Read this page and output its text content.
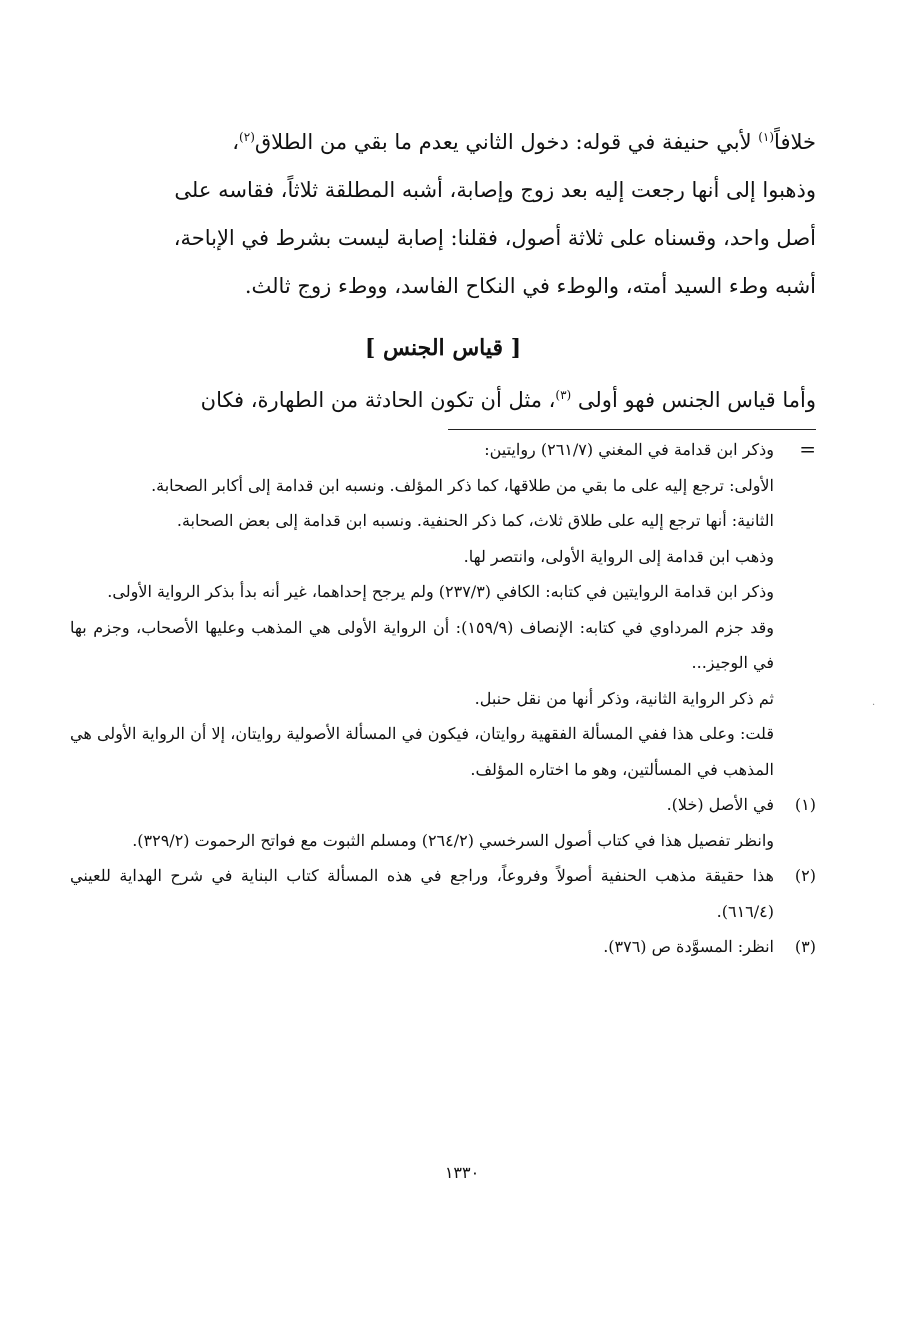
خلافاً$^{(١)}$ لأبي حنيفة في قوله: دخول الثاني يعدم ما بقي من الطلاق$^{(٢)}$،

وذهبوا إلى أنها رجعت إليه بعد زوج وإصابة، أشبه المطلقة ثلاثاً، فقاسه على

أصل واحد، وقسناه على ثلاثة أصول، فقلنا: إصابة ليست بشرط في الإباحة،

أشبه وطء السيد أمته، والوطء في النكاح الفاسد، ووطء زوج ثالث.

[ قياس الجنس ]
وأما قياس الجنس فهو أولى $^{(٣)}$، مثل أن تكون الحادثة من الطهارة، فكان
=
وذكر ابن قدامة في المغني (٢٦١/٧) روايتين:
الأولى: ترجع إليه على ما بقي من طلاقها، كما ذكر المؤلف. ونسبه ابن قدامة إلى أكابر الصحابة.
الثانية: أنها ترجع إليه على طلاق ثلاث، كما ذكر الحنفية. ونسبه ابن قدامة إلى بعض الصحابة.
وذهب ابن قدامة إلى الرواية الأولى، وانتصر لها.
وذكر ابن قدامة الروايتين في كتابه: الكافي (٢٣٧/٣) ولم يرجح إحداهما، غير أنه بدأ بذكر الرواية الأولى.
وقد جزم المرداوي في كتابه: الإنصاف (١٥٩/٩): أن الرواية الأولى هي المذهب وعليها الأصحاب، وجزم بها في الوجيز...
ثم ذكر الرواية الثانية، وذكر أنها من نقل حنبل.
قلت: وعلى هذا ففي المسألة الفقهية روايتان، فيكون في المسألة الأصولية روايتان، إلا أن الرواية الأولى هي المذهب في المسألتين، وهو ما اختاره المؤلف.
(١)
في الأصل (خلا).
وانظر تفصيل هذا في كتاب أصول السرخسي (٢٦٤/٢) ومسلم الثبوت مع فواتح الرحموت (٣٢٩/٢).
(٢)
هذا حقيقة مذهب الحنفية أصولاً وفروعاً، وراجع في هذه المسألة كتاب البناية في شرح الهداية للعيني (٦١٦/٤).
(٣)
انظر: المسوَّدة ص (٣٧٦).
١٣٣٠
·
